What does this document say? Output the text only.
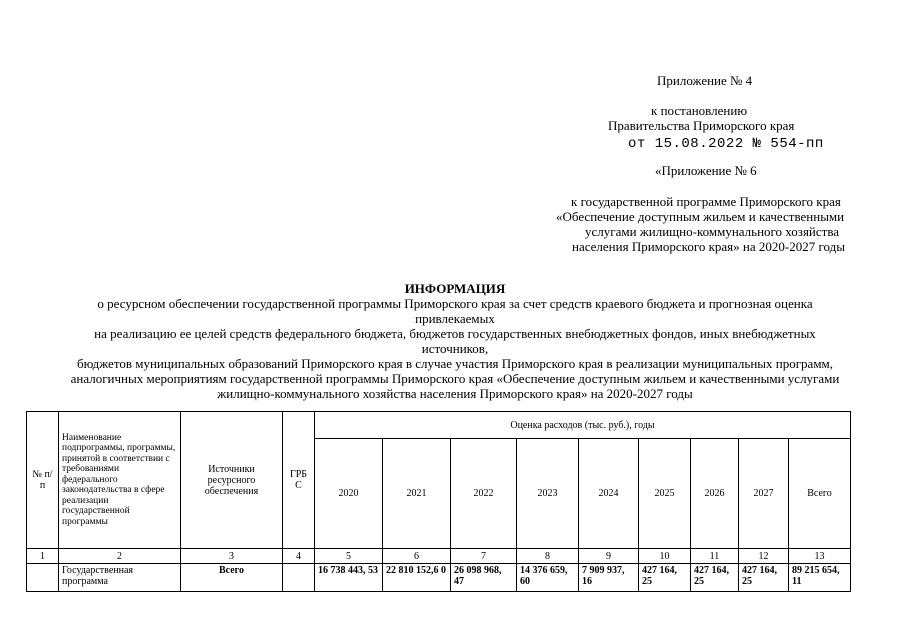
Приложение № 4
к постановлению
Правительства Приморского края
от 15.08.2022 № 554-пп
«Приложение № 6
к государственной программе Приморского края
«Обеспечение доступным жильем и качественными
услугами жилищно-коммунального хозяйства
населения Приморского края» на 2020-2027 годы
ИНФОРМАЦИЯ
о ресурсном обеспечении государственной программы Приморского края за счет средств краевого бюджета и прогнозная оценка
привлекаемых
на реализацию ее целей средств федерального бюджета, бюджетов государственных внебюджетных фондов, иных внебюджетных
источников,
бюджетов муниципальных образований Приморского края в случае участия Приморского края в реализации муниципальных программ,
аналогичных мероприятиям государственной программы Приморского края «Обеспечение доступным жильем и качественными услугами
жилищно-коммунального хозяйства населения Приморского края» на 2020-2027 годы
№ п/п	Наименование подпрограммы, программы, принятой в соответствии с требованиями федерального законодательства в сфере реализации государственной программы	Источники ресурсного обеспечения	ГРБ С	Оценка расходов (тыс. руб.), годы								
				2020	2021	2022	2023	2024	2025	2026	2027	Всего
1	2	3	4	5	6	7	8	9	10	11	12	13
	Государственная программа	Всего		16 738 443, 53	22 810 152,6 0	26 098 968, 47	14 376 659, 60	7 909 937, 16	427 164, 25	427 164, 25	427 164, 25	89 215 654, 11
